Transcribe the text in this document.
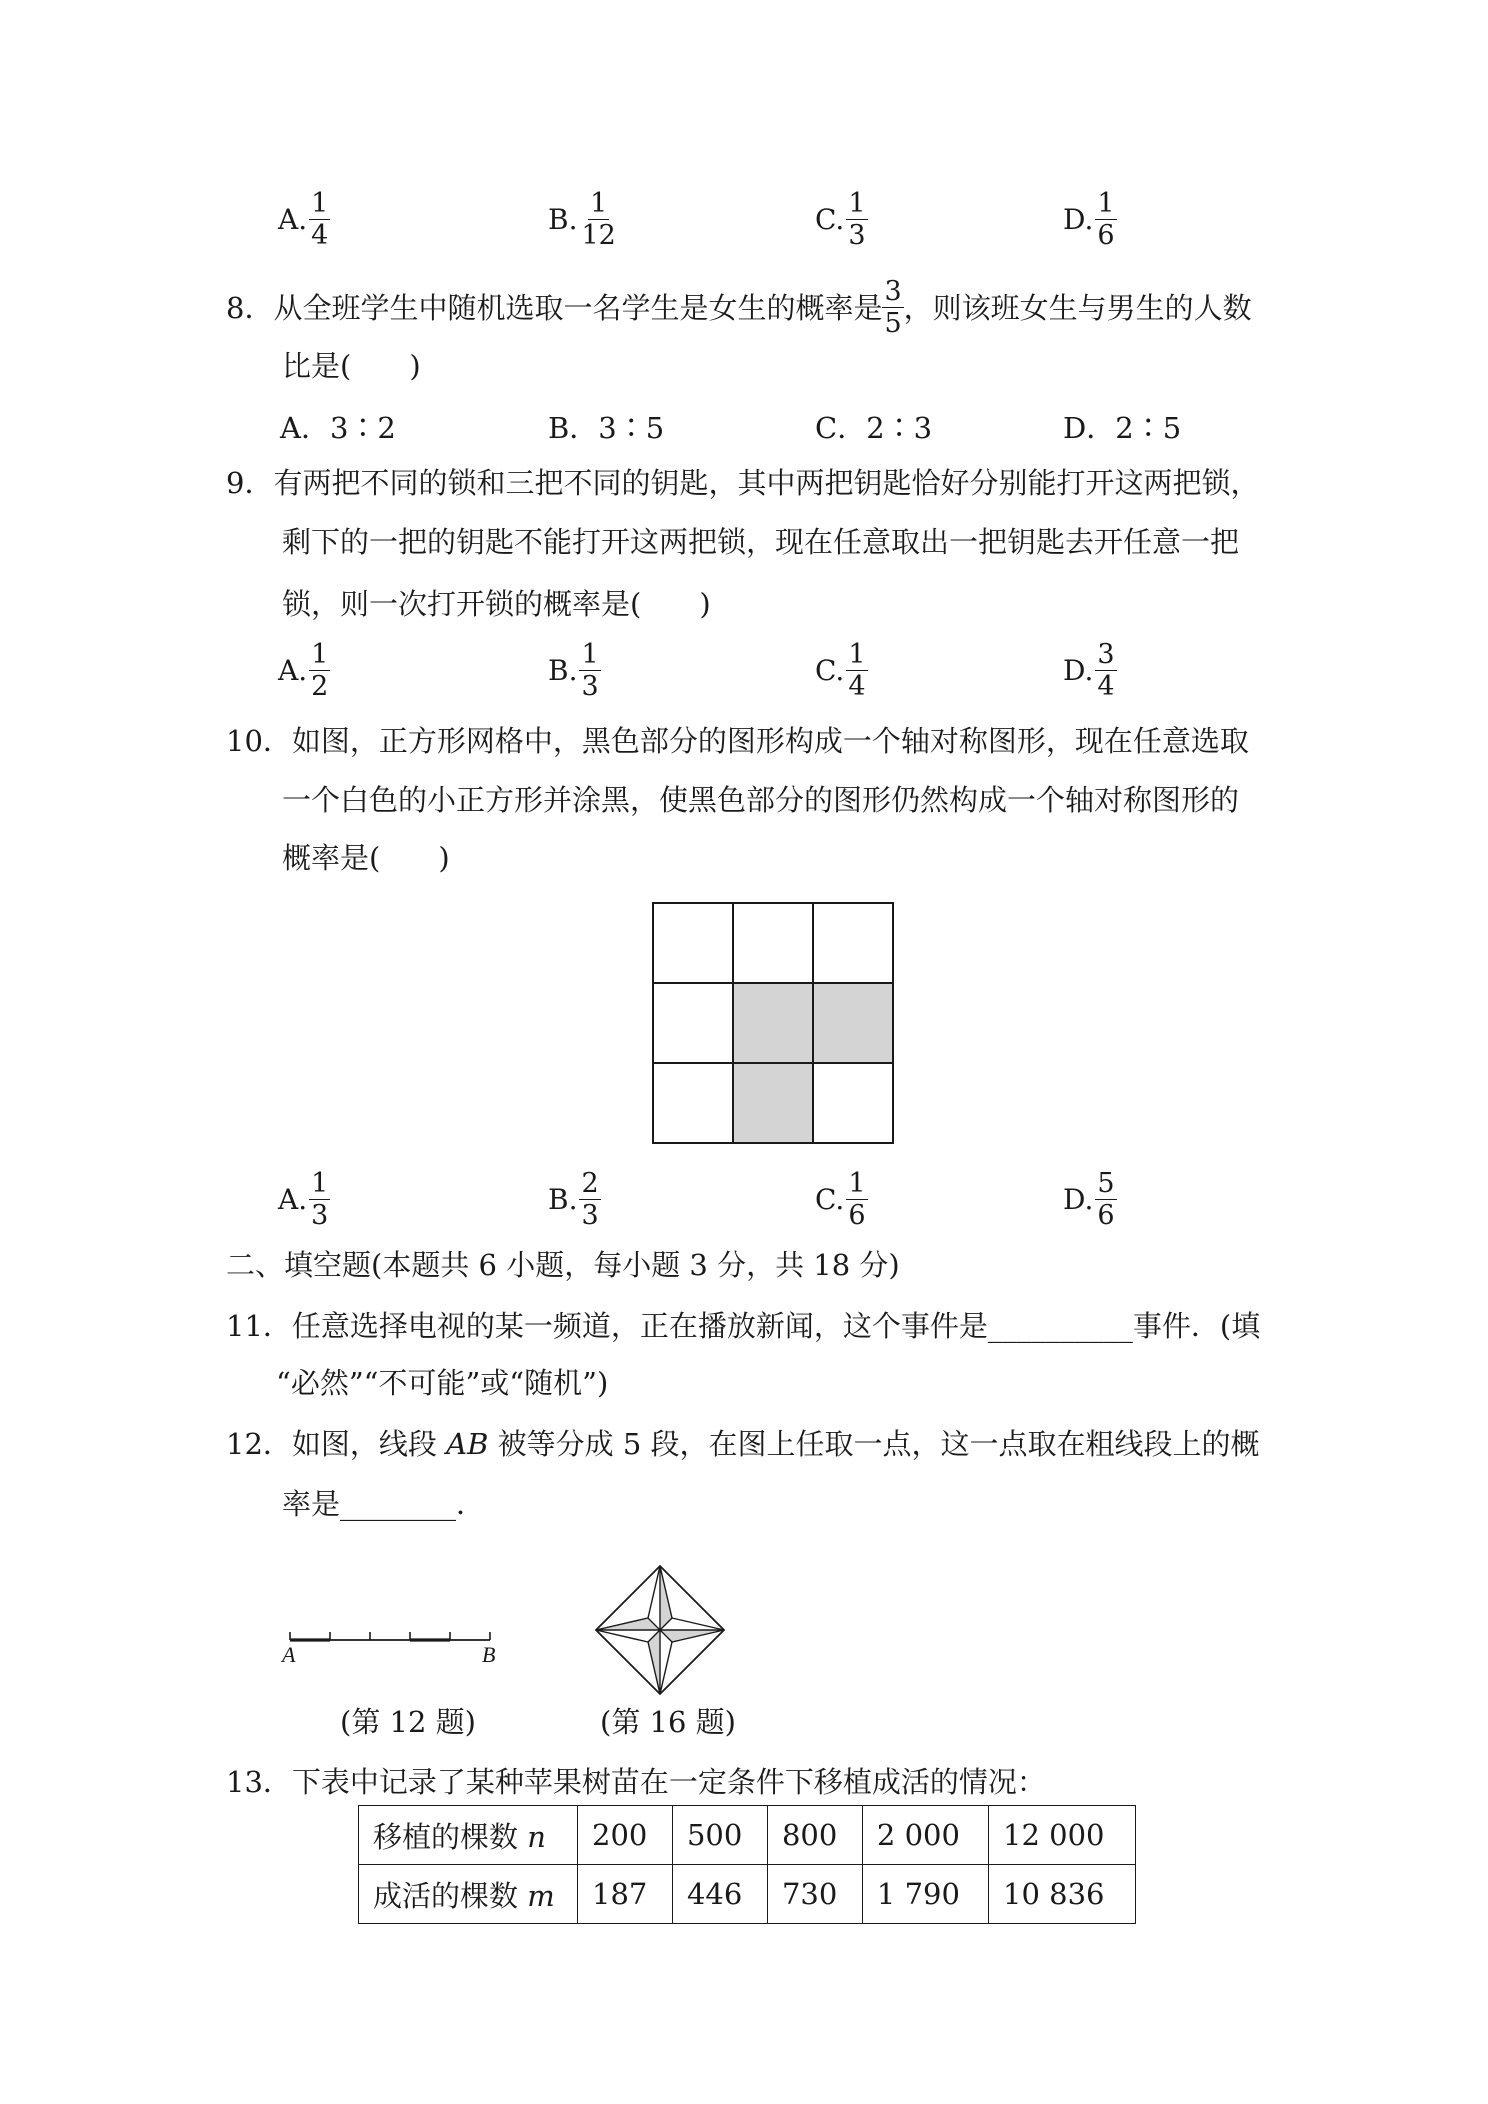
A. $\frac{1}{4}$	B. $\frac{1}{12}$	C. $\frac{1}{3}$	D. $\frac{1}{6}$
8．从全班学生中随机选取一名学生是女生的概率是 $\frac{3}{5}$ ，则该班女生与男生的人数
比是(　　)
A．3∶2	B．3∶5	C．2∶3	D．2∶5
9．有两把不同的锁和三把不同的钥匙，其中两把钥匙恰好分别能打开这两把锁，
剩下的一把的钥匙不能打开这两把锁，现在任意取出一把钥匙去开任意一把
锁，则一次打开锁的概率是(　　)
A. $\frac{1}{2}$	B. $\frac{1}{3}$	C. $\frac{1}{4}$	D. $\frac{3}{4}$
10．如图，正方形网格中，黑色部分的图形构成一个轴对称图形，现在任意选取
一个白色的小正方形并涂黑，使黑色部分的图形仍然构成一个轴对称图形的
概率是(　　)
A. $\frac{1}{3}$	B. $\frac{2}{3}$	C. $\frac{1}{6}$	D. $\frac{5}{6}$
二、填空题(本题共 6 小题，每小题 3 分，共 18 分)
11．任意选择电视的某一频道，正在播放新闻，这个事件是__________事件．(填
“必然”“不可能”或“随机”)
12．如图，线段 AB 被等分成 5 段，在图上任取一点，这一点取在粗线段上的概
率是________．
A	B
(第 12 题)	(第 16 题)
13．下表中记录了某种苹果树苗在一定条件下移植成活的情况：
移植的棵数 n	200	500	800	2 000	12 000
成活的棵数 m	187	446	730	1 790	10 836
